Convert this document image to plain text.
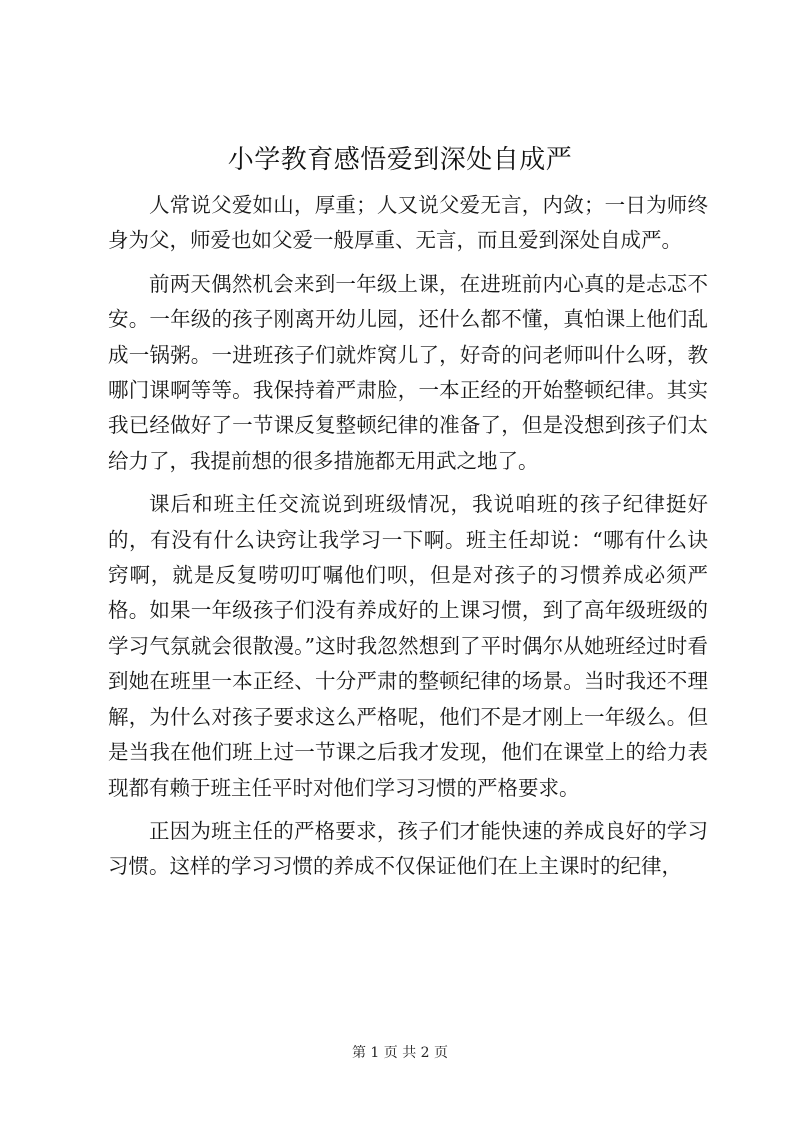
小学教育感悟爱到深处自成严

人常说父爱如山，厚重；人又说父爱无言，内敛；一日为师终身为父，师爱也如父爱一般厚重、无言，而且爱到深处自成严。

前两天偶然机会来到一年级上课，在进班前内心真的是忐忑不安。一年级的孩子刚离开幼儿园，还什么都不懂，真怕课上他们乱成一锅粥。一进班孩子们就炸窝儿了，好奇的问老师叫什么呀，教哪门课啊等等。我保持着严肃脸，一本正经的开始整顿纪律。其实我已经做好了一节课反复整顿纪律的准备了，但是没想到孩子们太给力了，我提前想的很多措施都无用武之地了。

课后和班主任交流说到班级情况，我说咱班的孩子纪律挺好的，有没有什么诀窍让我学习一下啊。班主任却说：“哪有什么诀窍啊，就是反复唠叨叮嘱他们呗，但是对孩子的习惯养成必须严格。如果一年级孩子们没有养成好的上课习惯，到了高年级班级的学习气氛就会很散漫。”这时我忽然想到了平时偶尔从她班经过时看到她在班里一本正经、十分严肃的整顿纪律的场景。当时我还不理解，为什么对孩子要求这么严格呢，他们不是才刚上一年级么。但是当我在他们班上过一节课之后我才发现，他们在课堂上的给力表现都有赖于班主任平时对他们学习习惯的严格要求。

正因为班主任的严格要求，孩子们才能快速的养成良好的学习习惯。这样的学习习惯的养成不仅保证他们在上主课时的纪律，

第 1 页 共 2 页
